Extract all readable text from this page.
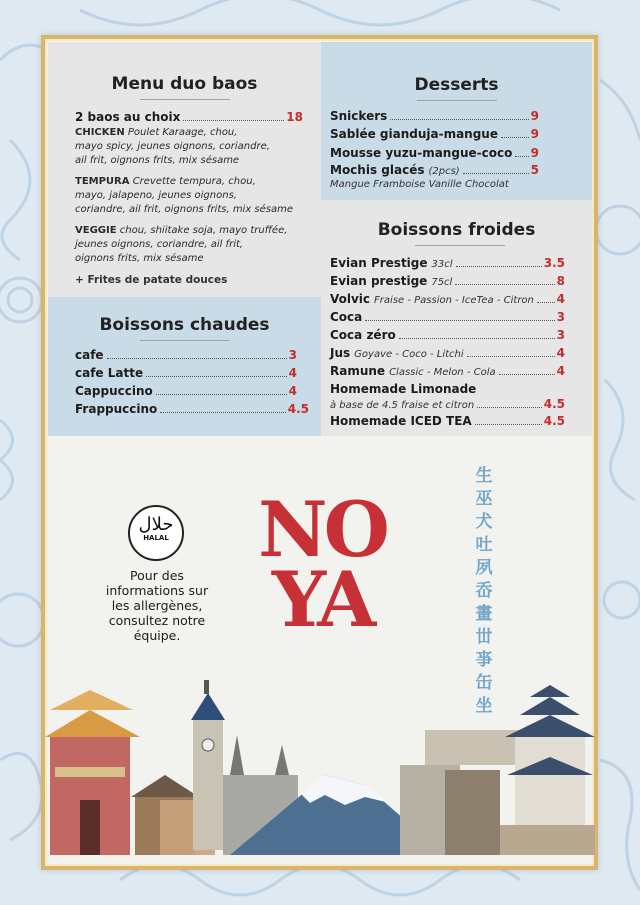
Menu duo baos
2 baos au choix	18
CHICKEN Poulet Karaage, chou,
mayo spicy, jeunes oignons, coriandre,
ail frit, oignons frits, mix sésame
TEMPURA Crevette tempura, chou,
mayo, jalapeno, jeunes oignons,
coriandre, ail frit, oignons frits, mix sésame
VEGGIE chou, shiitake soja, mayo truffée,
jeunes oignons, coriandre, ail frit,
oignons frits, mix sésame
+ Frites de patate douces
Desserts
Snickers	9
Sablée gianduja-mangue	9
Mousse yuzu-mangue-coco 9
Mochis glacés (2pcs)	5
Mangue Framboise Vanille Chocolat
Boissons froides
Evian Prestige 33cl	3.5
Evian prestige 75cl	8
Volvic Fraise - Passion - IceTea - Citron 4
Coca	3
Coca zéro	3
Jus Goyave - Coco - Litchi	4
Ramune Classic - Melon - Cola	4
Homemade Limonade
à base de 4.5 fraise et citron	4.5
Homemade ICED TEA	4.5
Boissons chaudes
cafe	3
cafe Latte	4
Cappuccino	4
Frappuccino	4.5
حلال
HALAL
Pour des
informations sur
les allergènes,
consultez notre
équipe.
NO
YA
生
巫
犬
吐
夙
岙
畫
丗
亊
缶
坐
